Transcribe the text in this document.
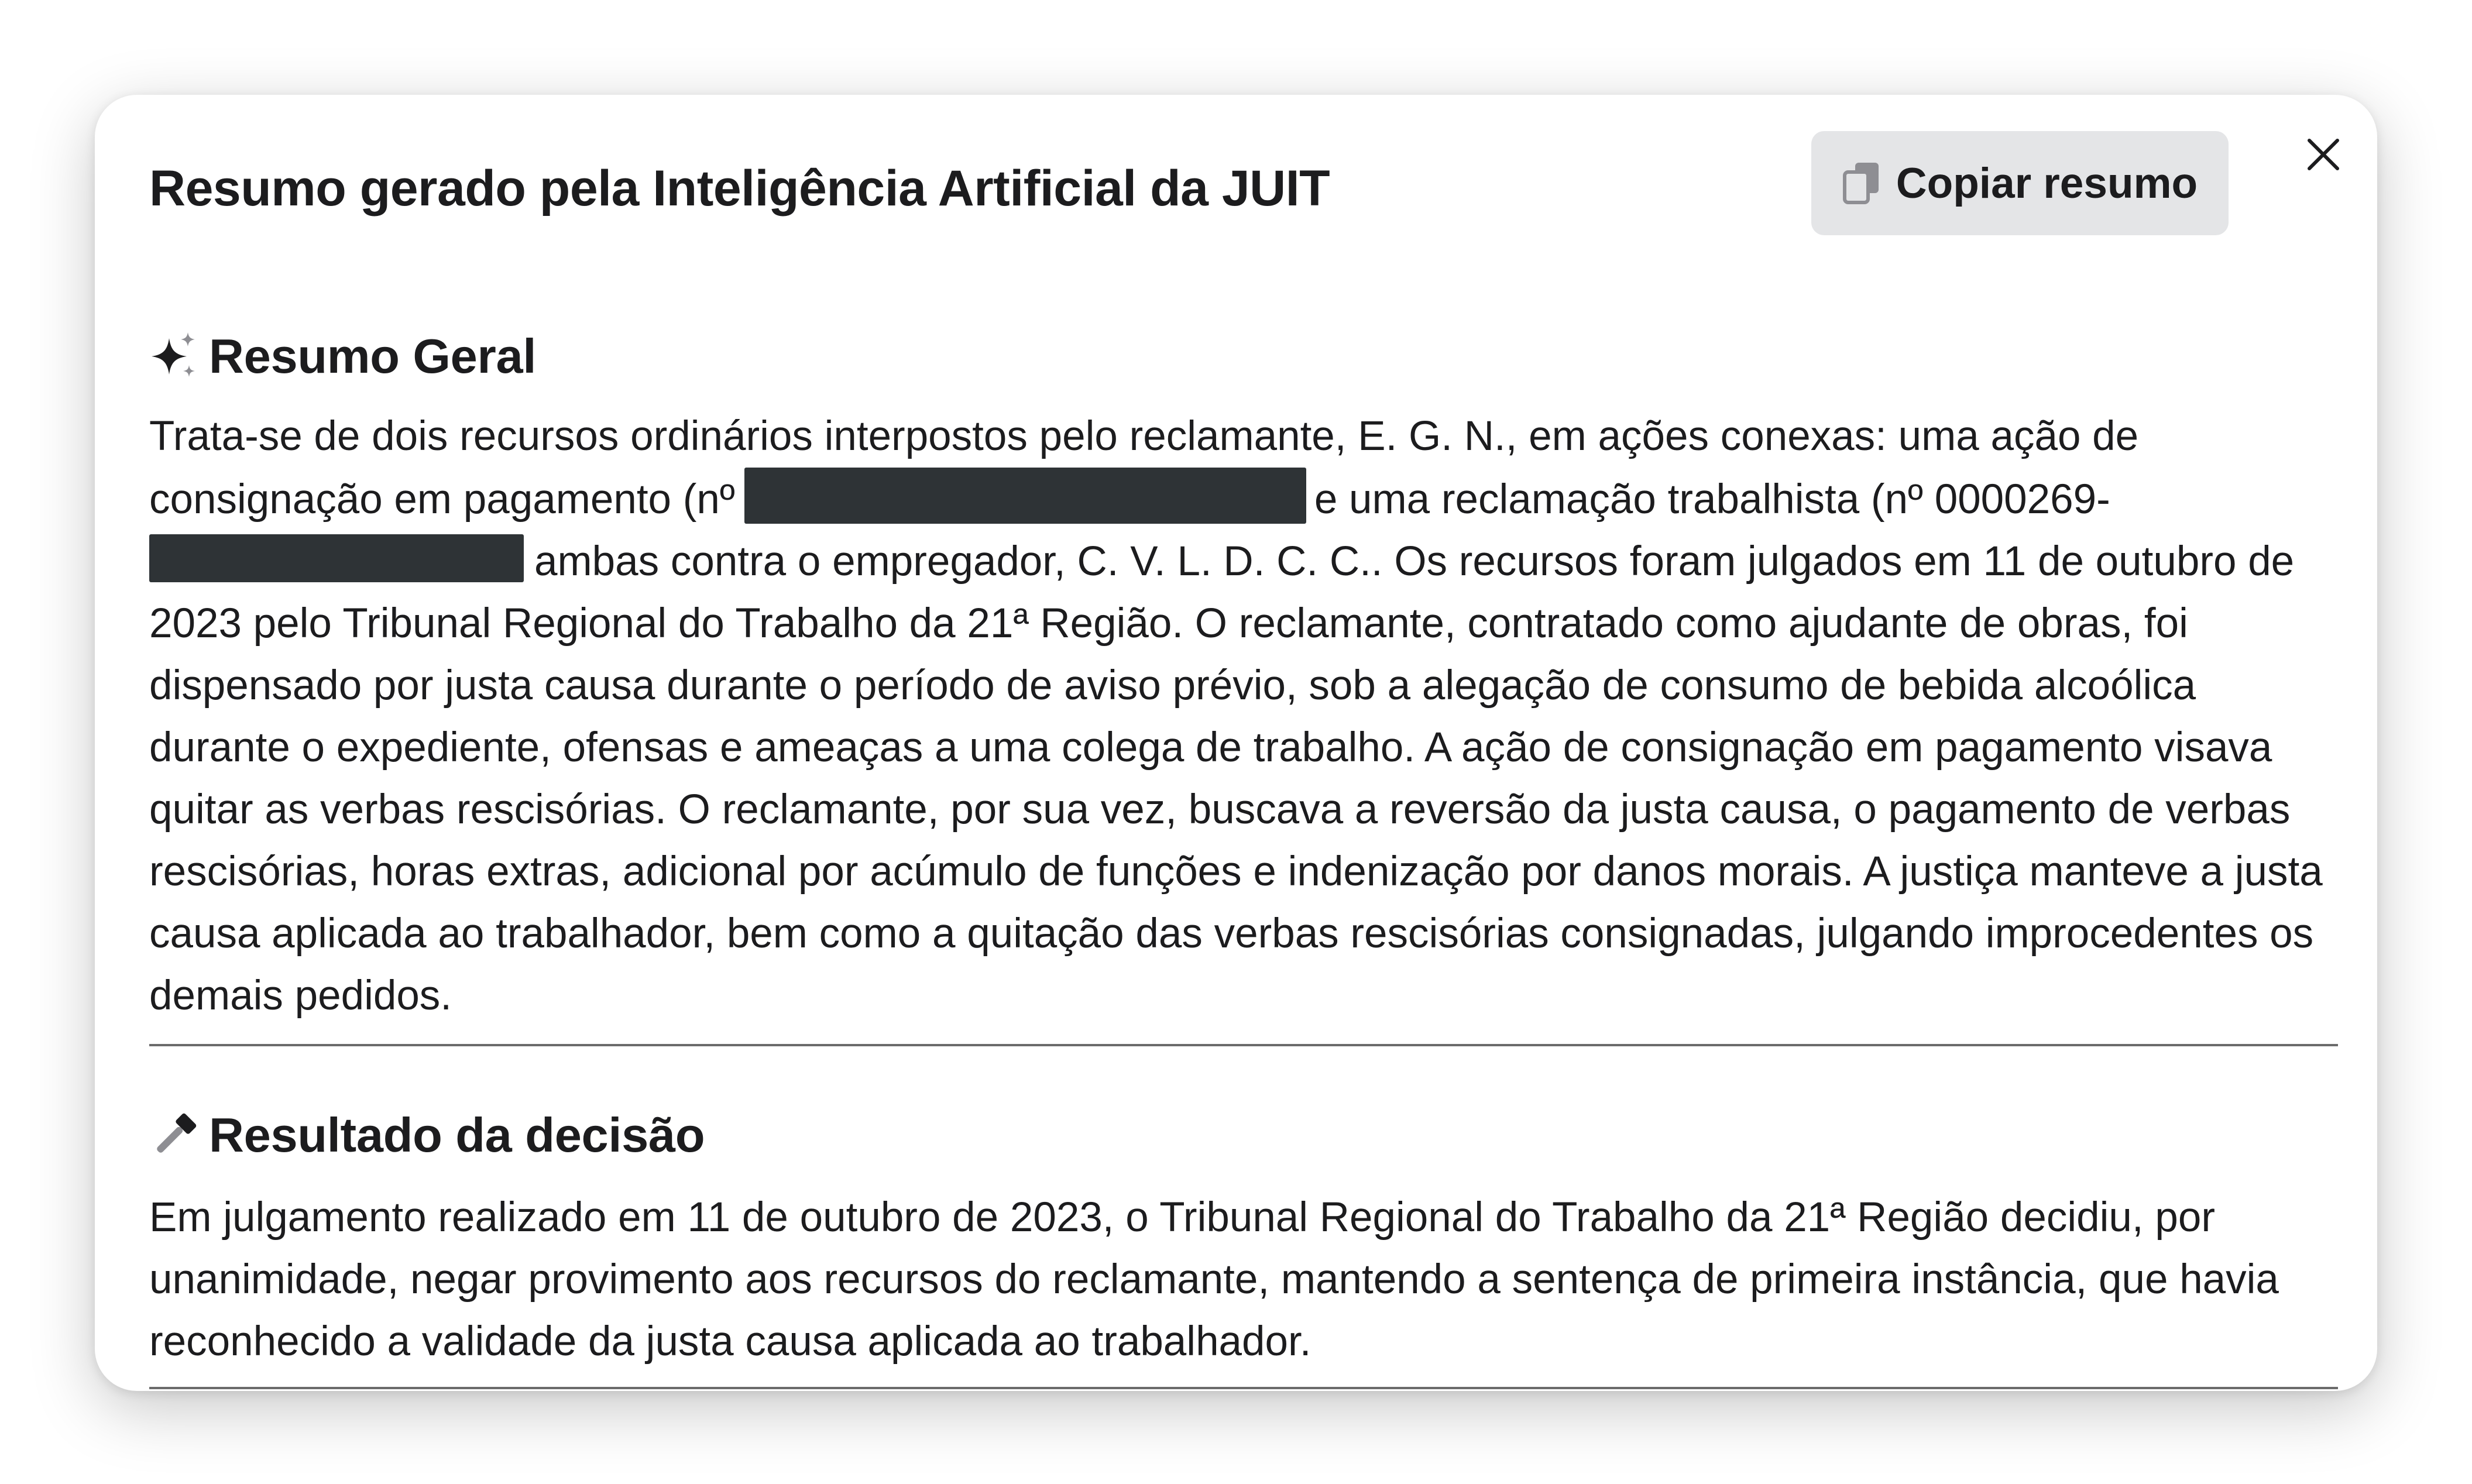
Resumo gerado pela Inteligência Artificial da JUIT	Copiar resumo
Resumo Geral

Trata-se de dois recursos ordinários interpostos pelo reclamante, E. G. N., em ações conexas: uma ação de consignação em pagamento (nº	e uma reclamação trabalhista (nº 0000269-
ambas contra o empregador, C. V. L. D. C. C.. Os recursos foram julgados em 11 de outubro de 2023 pelo Tribunal Regional do Trabalho da 21ª Região. O reclamante, contratado como ajudante de obras, foi dispensado por justa causa durante o período de aviso prévio, sob a alegação de consumo de bebida alcoólica durante o expediente, ofensas e ameaças a uma colega de trabalho. A ação de consignação em pagamento visava quitar as verbas rescisórias. O reclamante, por sua vez, buscava a reversão da justa causa, o pagamento de verbas rescisórias, horas extras, adicional por acúmulo de funções e indenização por danos morais. A justiça manteve a justa causa aplicada ao trabalhador, bem como a quitação das verbas rescisórias consignadas, julgando improcedentes os demais pedidos.

Resultado da decisão

Em julgamento realizado em 11 de outubro de 2023, o Tribunal Regional do Trabalho da 21ª Região decidiu, por unanimidade, negar provimento aos recursos do reclamante, mantendo a sentença de primeira instância, que havia reconhecido a validade da justa causa aplicada ao trabalhador.
